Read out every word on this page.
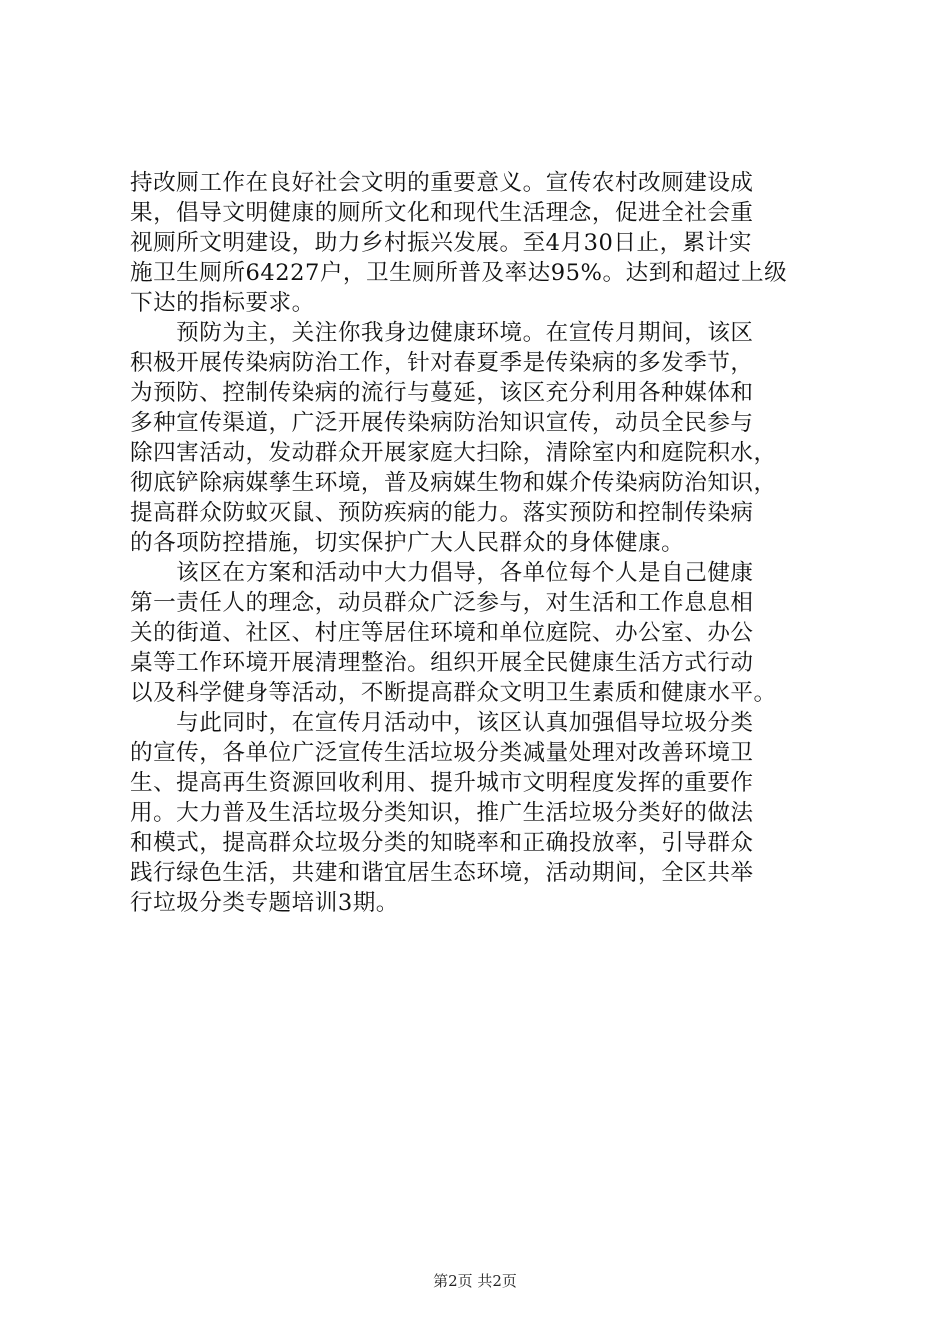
持改厕工作在良好社会文明的重要意义。宣传农村改厕建设成
果，倡导文明健康的厕所文化和现代生活理念，促进全社会重
视厕所文明建设，助力乡村振兴发展。至4月30日止，累计实
施卫生厕所64227户，卫生厕所普及率达95%。达到和超过上级
下达的指标要求。

　　预防为主，关注你我身边健康环境。在宣传月期间，该区
积极开展传染病防治工作，针对春夏季是传染病的多发季节，
为预防、控制传染病的流行与蔓延，该区充分利用各种媒体和
多种宣传渠道，广泛开展传染病防治知识宣传，动员全民参与
除四害活动，发动群众开展家庭大扫除，清除室内和庭院积水，
彻底铲除病媒孳生环境，普及病媒生物和媒介传染病防治知识，
提高群众防蚊灭鼠、预防疾病的能力。落实预防和控制传染病
的各项防控措施，切实保护广大人民群众的身体健康。

　　该区在方案和活动中大力倡导，各单位每个人是自己健康
第一责任人的理念，动员群众广泛参与，对生活和工作息息相
关的街道、社区、村庄等居住环境和单位庭院、办公室、办公
桌等工作环境开展清理整治。组织开展全民健康生活方式行动
以及科学健身等活动，不断提高群众文明卫生素质和健康水平。

　　与此同时，在宣传月活动中，该区认真加强倡导垃圾分类
的宣传，各单位广泛宣传生活垃圾分类减量处理对改善环境卫
生、提高再生资源回收利用、提升城市文明程度发挥的重要作
用。大力普及生活垃圾分类知识，推广生活垃圾分类好的做法
和模式，提高群众垃圾分类的知晓率和正确投放率，引导群众
践行绿色生活，共建和谐宜居生态环境，活动期间，全区共举
行垃圾分类专题培训3期。

第2页 共2页
